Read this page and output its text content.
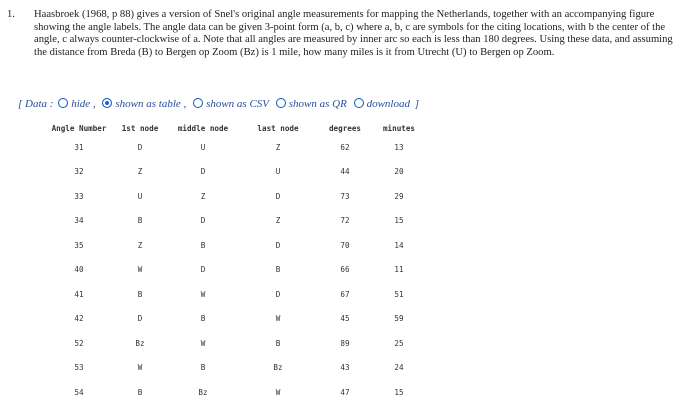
1. Haasbroek (1968, p 88) gives a version of Snel's original angle measurements for mapping the Netherlands, together with an accompanying figure showing the angle labels. The angle data can be given 3-point form (a, b, c) where a, b, c are symbols for the citing locations, with b the center of the angle, c always counter-clockwise of a. Note that all angles are measured by inner arc so each is less than 180 degrees. Using these data, and assuming the distance from Breda (B) to Bergen op Zoom (Bz) is 1 mile, how many miles is it from Utrecht (U) to Bergen op Zoom.
[ Data : hide , shown as table , shown as CSV shown as QR download ]
Angle Number	1st node	middle node	last node	degrees	minutes
31	D	U	Z	62	13
32	Z	D	U	44	20
33	U	Z	D	73	29
34	B	D	Z	72	15
35	Z	B	D	70	14
40	W	D	B	66	11
41	B	W	D	67	51
42	D	B	W	45	59
52	Bz	W	B	89	25
53	W	B	Bz	43	24
54	B	Bz	W	47	15
